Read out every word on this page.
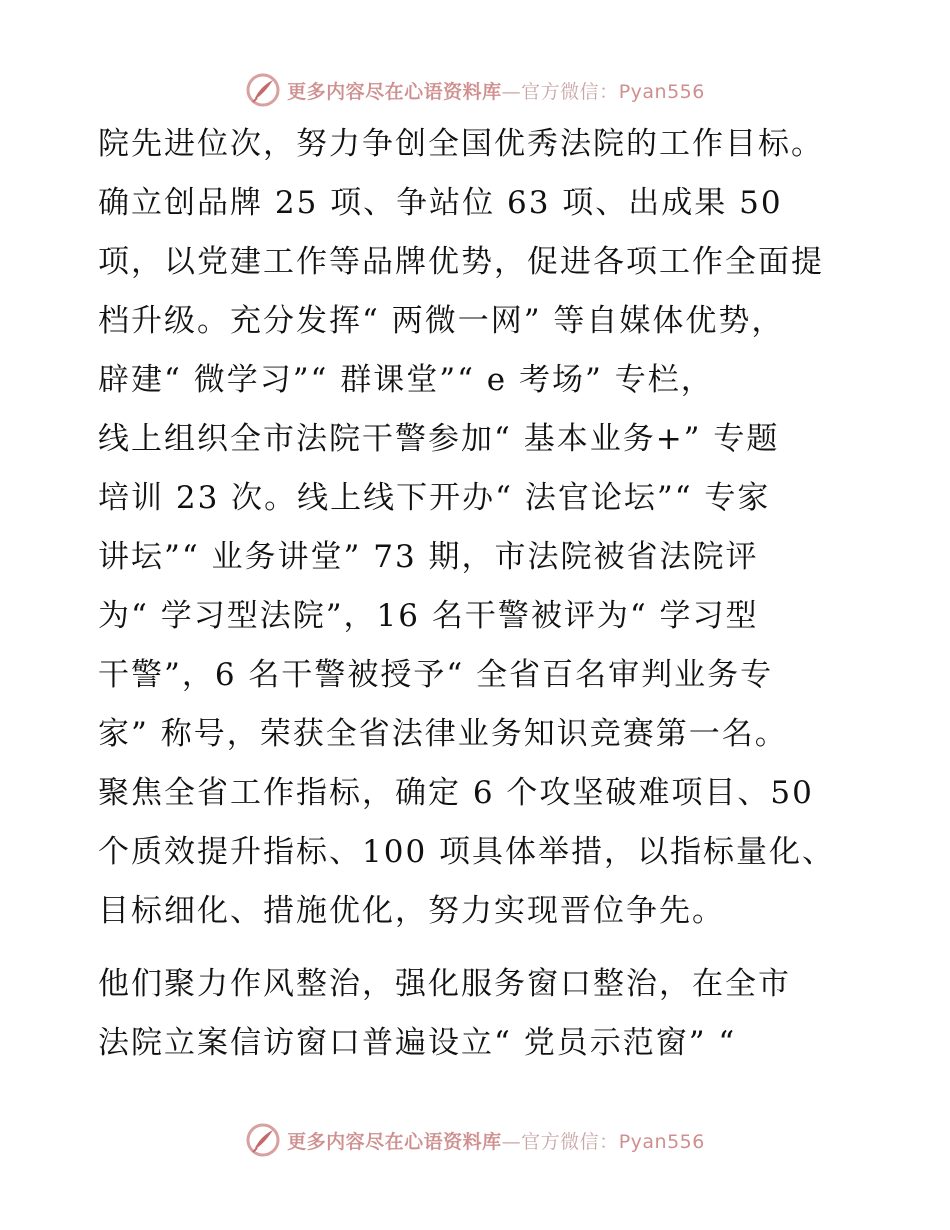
更多内容尽在心语资料库—官方微信：Pyan556
院先进位次，努力争创全国优秀法院的工作目标。
确立创品牌 25 项、争站位 63 项、出成果 50
项，以党建工作等品牌优势，促进各项工作全面提
档升级。充分发挥“ 两微一网” 等自媒体优势，
辟建“ 微学习”“ 群课堂”“ e 考场” 专栏，
线上组织全市法院干警参加“ 基本业务+” 专题
培训 23 次。线上线下开办“ 法官论坛”“ 专家
讲坛”“ 业务讲堂” 73 期，市法院被省法院评
为“ 学习型法院”，16 名干警被评为“ 学习型
干警”，6 名干警被授予“ 全省百名审判业务专
家” 称号，荣获全省法律业务知识竞赛第一名。
聚焦全省工作指标，确定 6 个攻坚破难项目、50
个质效提升指标、100 项具体举措，以指标量化、
目标细化、措施优化，努力实现晋位争先。
他们聚力作风整治，强化服务窗口整治，在全市
法院立案信访窗口普遍设立“ 党员示范窗” “
更多内容尽在心语资料库—官方微信：Pyan556
